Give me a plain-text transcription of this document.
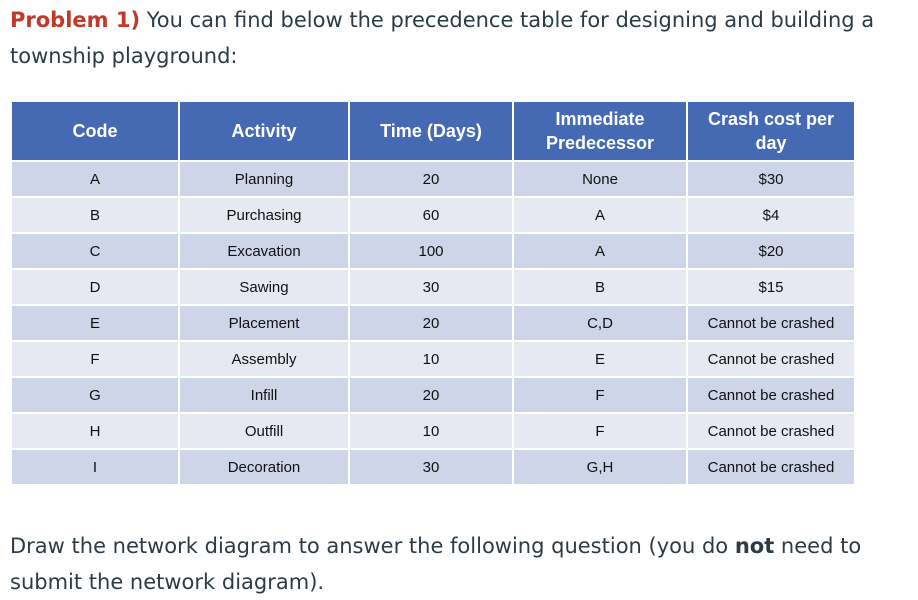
Problem 1) You can find below the precedence table for designing and building a township playground:

Code	Activity	Time (Days)	Immediate Predecessor	Crash cost per day
A	Planning	20	None	$30
B	Purchasing	60	A	$4
C	Excavation	100	A	$20
D	Sawing	30	B	$15
E	Placement	20	C,D	Cannot be crashed
F	Assembly	10	E	Cannot be crashed
G	Infill	20	F	Cannot be crashed
H	Outfill	10	F	Cannot be crashed
I	Decoration	30	G,H	Cannot be crashed

Draw the network diagram to answer the following question (you do not need to submit the network diagram).
